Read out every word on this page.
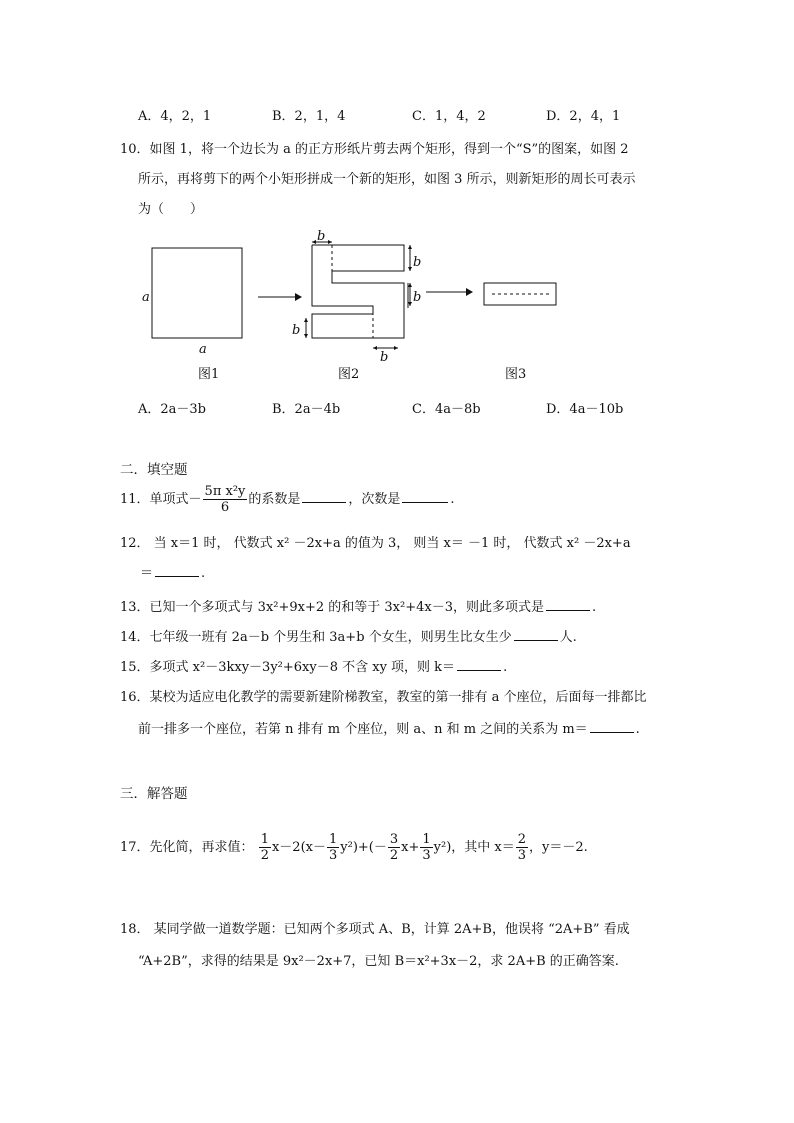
A．4，2，1	B．2，1，4	C．1，4，2	D．2，4，1
10．如图 1，将一个边长为 a 的正方形纸片剪去两个矩形，得到一个“S”的图案，如图 2
所示，再将剪下的两个小矩形拼成一个新的矩形，如图 3 所示，则新矩形的周长可表示
为（　　）
a
a
b
b
b
b
b
图1	图2	图3
A．2a－3b	B．2a－4b	C．4a－8b	D．4a－10b
二．填空题
11．单项式－ $\frac{\text{5π x²y}}{6}$ 的系数是	，次数是	.
12． 当 x＝1 时， 代数式 x² －2x+a 的值为 3， 则当 x＝ －1 时， 代数式 x² －2x+a
＝	.
13．已知一个多项式与 3x²+9x+2 的和等于 3x²+4x－3，则此多项式是	.
14．七年级一班有 2a－b 个男生和 3a+b 个女生，则男生比女生少	人.
15．多项式 x²－3kxy－3y²+6xy－8 不含 xy 项，则 k＝	.
16．某校为适应电化教学的需要新建阶梯教室，教室的第一排有 a 个座位，后面每一排都比
前一排多一个座位，若第 n 排有 m 个座位，则 a、n 和 m 之间的关系为 m＝	.
三．解答题
17．先化简，再求值： $\frac{1}{2} x-2(x- \frac{1}{3} y^2)+(- \frac{3}{2} x+ \frac{1}{3} y^2)$，其中 $x= \frac{2}{3}$ ，y＝－2.
18． 某同学做一道数学题：已知两个多项式 A、B，计算 2A+B，他误将 “2A+B” 看成
“A+2B”，求得的结果是 9x²－2x+7，已知 B＝x²+3x－2，求 2A+B 的正确答案.
